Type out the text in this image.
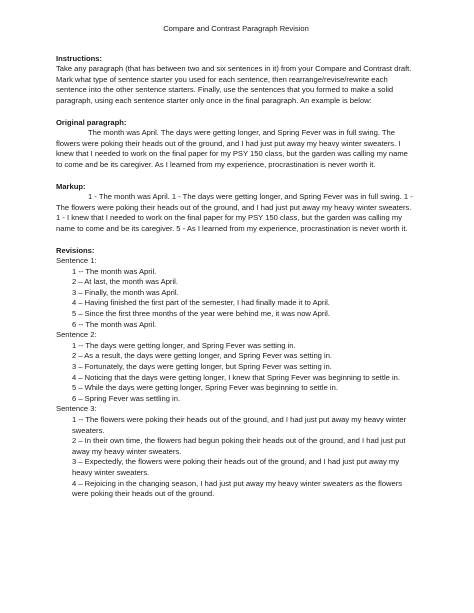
Compare and Contrast Paragraph Revision

Instructions:

Take any paragraph (that has between two and six sentences in it) from your Compare and Contrast draft. Mark what type of sentence starter you used for each sentence, then rearrange/revise/rewrite each sentence into the other sentence starters. Finally, use the sentences that you formed to make a solid paragraph, using each sentence starter only once in the final paragraph. An example is below:

Original paragraph:

The month was April. The days were getting longer, and Spring Fever was in full swing. The flowers were poking their heads out of the ground, and I had just put away my heavy winter sweaters. I knew that I needed to work on the final paper for my PSY 150 class, but the garden was calling my name to come and be its caregiver. As I learned from my experience, procrastination is never worth it.

Markup:

1 - The month was April. 1 - The days were getting longer, and Spring Fever was in full swing. 1 -The flowers were poking their heads out of the ground, and I had just put away my heavy winter sweaters. 1 - I knew that I needed to work on the final paper for my PSY 150 class, but the garden was calling my name to come and be its caregiver. 5 - As I learned from my experience, procrastination is never worth it.

Revisions:

Sentence 1:

1 -- The month was April.
2 – At last, the month was April.
3 – Finally, the month was April.
4 – Having finished the first part of the semester, I had finally made it to April.
5 – Since the first three months of the year were behind me, it was now April.
6 -- The month was April.

Sentence 2:

1 -- The days were getting longer, and Spring Fever was setting in.
2 – As a result, the days were getting longer, and Spring Fever was setting in.
3 – Fortunately, the days were getting longer, but Spring Fever was setting in.
4 – Noticing that the days were getting longer, I knew that Spring Fever was beginning to settle in.
5 – While the days were getting longer, Spring Fever was beginning to settle in.
6 – Spring Fever was settling in.

Sentence 3:

1 -- The flowers were poking their heads out of the ground, and I had just put away my heavy winter sweaters.
2 – In their own time, the flowers had begun poking their heads out of the ground, and I had just put away my heavy winter sweaters.
3 – Expectedly, the flowers were poking their heads out of the ground, and I had just put away my heavy winter sweaters.
4 – Rejoicing in the changing season, I had just put away my heavy winter sweaters as the flowers were poking their heads out of the ground.
